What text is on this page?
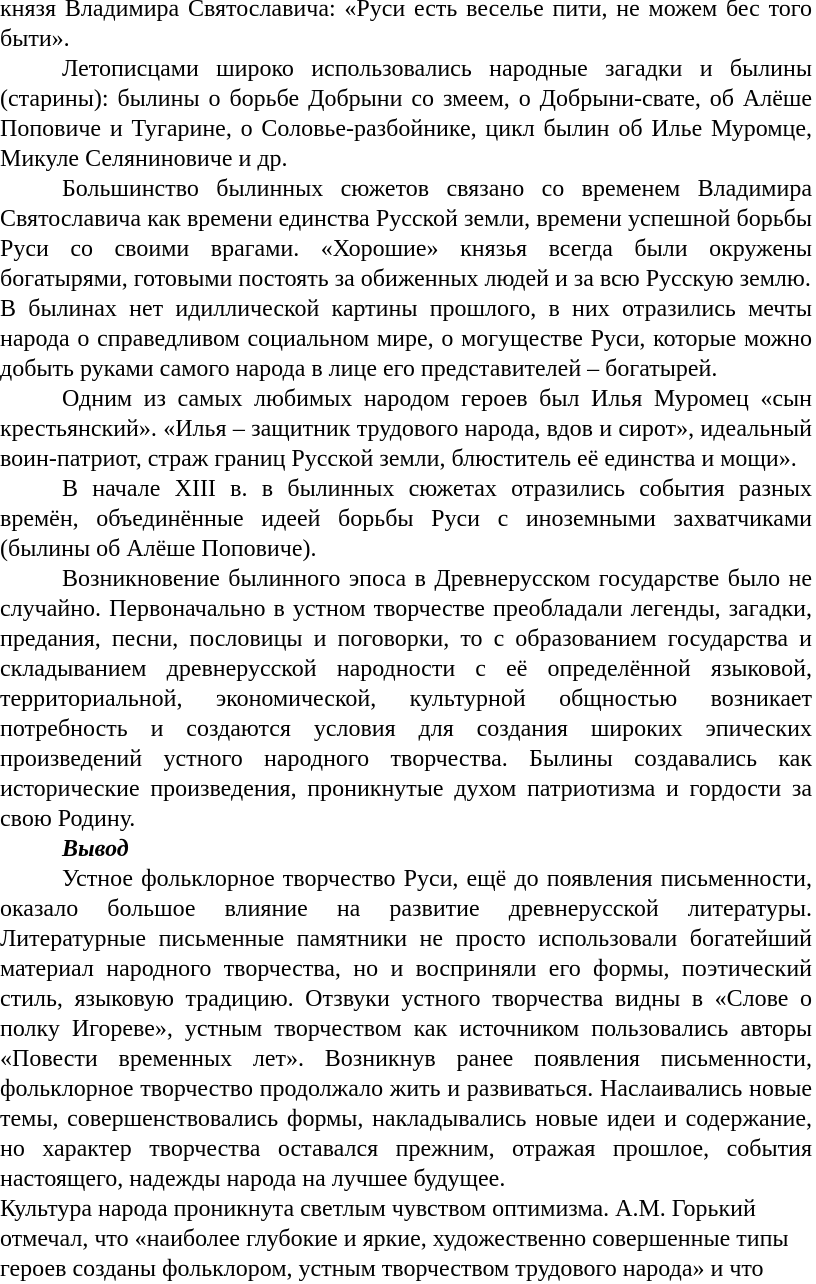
князя Владимира Святославича: «Руси есть веселье пити, не можем бес того быти».

Летописцами широко использовались народные загадки и былины (старины): былины о борьбе Добрыни со змеем, о Добрыни-свате, об Алёше Поповиче и Тугарине, о Соловье-разбойнике, цикл былин об Илье Муромце, Микуле Селяниновиче и др.

Большинство былинных сюжетов связано со временем Владимира Святославича как времени единства Русской земли, времени успешной борьбы Руси со своими врагами. «Хорошие» князья всегда были окружены богатырями, готовыми постоять за обиженных людей и за всю Русскую землю.

В былинах нет идиллической картины прошлого, в них отразились мечты народа о справедливом социальном мире, о могуществе Руси, которые можно добыть руками самого народа в лице его представителей – богатырей.

Одним из самых любимых народом героев был Илья Муромец «сын крестьянский». «Илья – защитник трудового народа, вдов и сирот», идеальный воин-патриот, страж границ Русской земли, блюститель её единства и мощи».

В начале XIII в. в былинных сюжетах отразились события разных времён, объединённые идеей борьбы Руси с иноземными захватчиками (былины об Алёше Поповиче).

Возникновение былинного эпоса в Древнерусском государстве было не случайно. Первоначально в устном творчестве преобладали легенды, загадки, предания, песни, пословицы и поговорки, то с образованием государства и складыванием древнерусской народности с её определённой языковой, территориальной, экономической, культурной общностью возникает потребность и создаются условия для создания широких эпических произведений устного народного творчества. Былины создавались как исторические произведения, проникнутые духом патриотизма и гордости за свою Родину.

Вывод

Устное фольклорное творчество Руси, ещё до появления письменности, оказало большое влияние на развитие древнерусской литературы. Литературные письменные памятники не просто использовали богатейший материал народного творчества, но и восприняли его формы, поэтический стиль, языковую традицию. Отзвуки устного творчества видны в «Слове о полку Игореве», устным творчеством как источником пользовались авторы «Повести временных лет». Возникнув ранее появления письменности, фольклорное творчество продолжало жить и развиваться. Наслаивались новые темы, совершенствовались формы, накладывались новые идеи и содержание, но характер творчества оставался прежним, отражая прошлое, события настоящего, надежды народа на лучшее будущее.

Культура народа проникнута светлым чувством оптимизма. А.М. Горький
отмечал, что «наиболее глубокие и яркие, художественно совершенные типы
героев созданы фольклором, устным творчеством трудового народа» и что
